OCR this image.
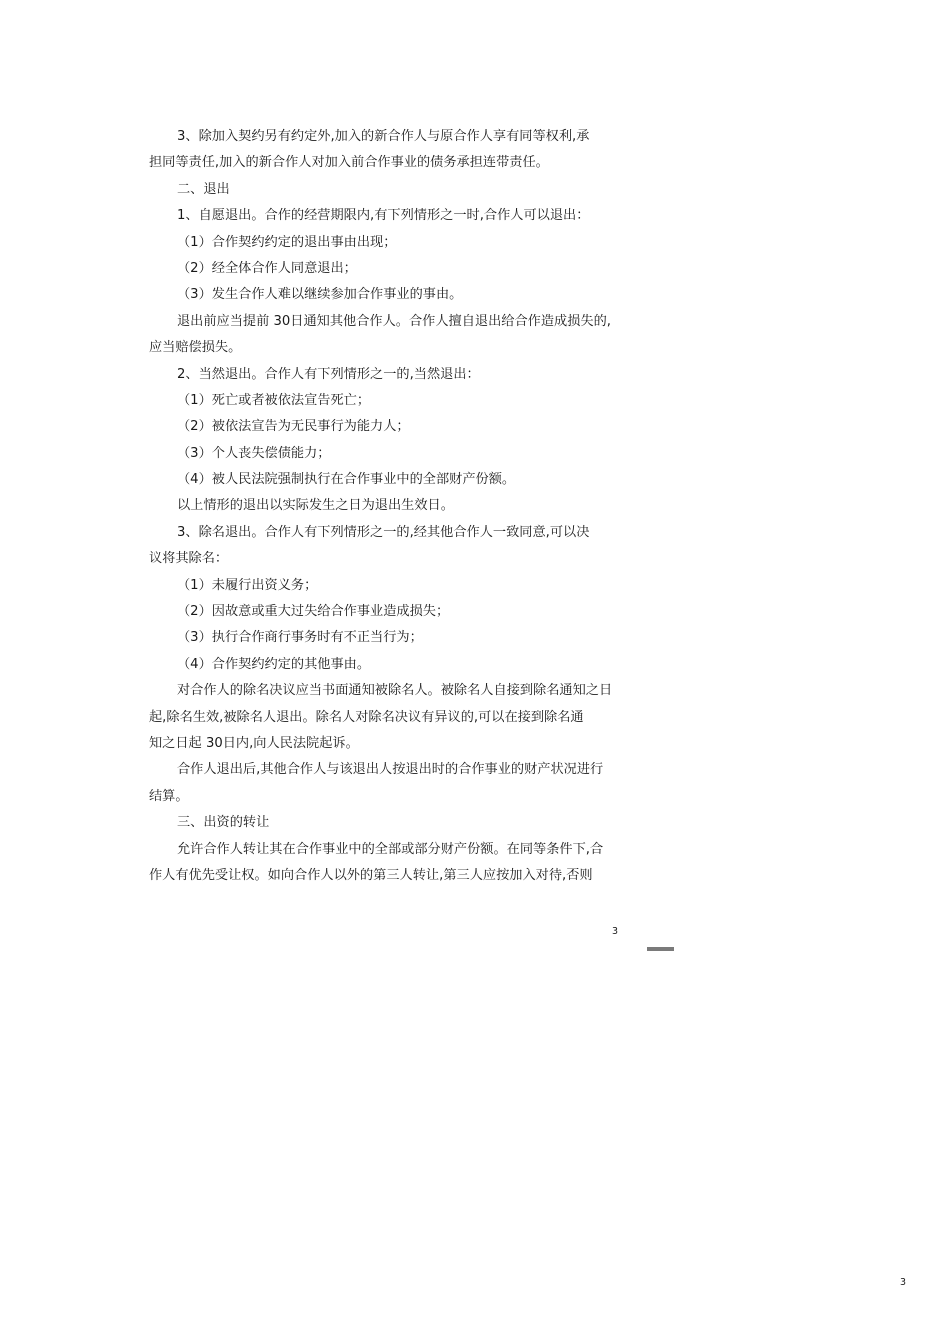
3、除加入契约另有约定外,加入的新合作人与原合作人享有同等权利,承
担同等责任,加入的新合作人对加入前合作事业的债务承担连带责任。
二、退出
1、自愿退出。合作的经营期限内,有下列情形之一时,合作人可以退出：
（1）合作契约约定的退出事由出现；
（2）经全体合作人同意退出；
（3）发生合作人难以继续参加合作事业的事由。
退出前应当提前 30日通知其他合作人。合作人擅自退出给合作造成损失的,
应当赔偿损失。
2、当然退出。合作人有下列情形之一的,当然退出：
（1）死亡或者被依法宣告死亡；
（2）被依法宣告为无民事行为能力人；
（3）个人丧失偿债能力；
（4）被人民法院强制执行在合作事业中的全部财产份额。
以上情形的退出以实际发生之日为退出生效日。
3、除名退出。合作人有下列情形之一的,经其他合作人一致同意,可以决
议将其除名：
（1）未履行出资义务；
（2）因故意或重大过失给合作事业造成损失；
（3）执行合作商行事务时有不正当行为；
（4）合作契约约定的其他事由。
对合作人的除名决议应当书面通知被除名人。被除名人自接到除名通知之日
起,除名生效,被除名人退出。除名人对除名决议有异议的,可以在接到除名通
知之日起 30日内,向人民法院起诉。
合作人退出后,其他合作人与该退出人按退出时的合作事业的财产状况进行
结算。
三、出资的转让
允许合作人转让其在合作事业中的全部或部分财产份额。在同等条件下,合
作人有优先受让权。如向合作人以外的第三人转让,第三人应按加入对待,否则
3
3
